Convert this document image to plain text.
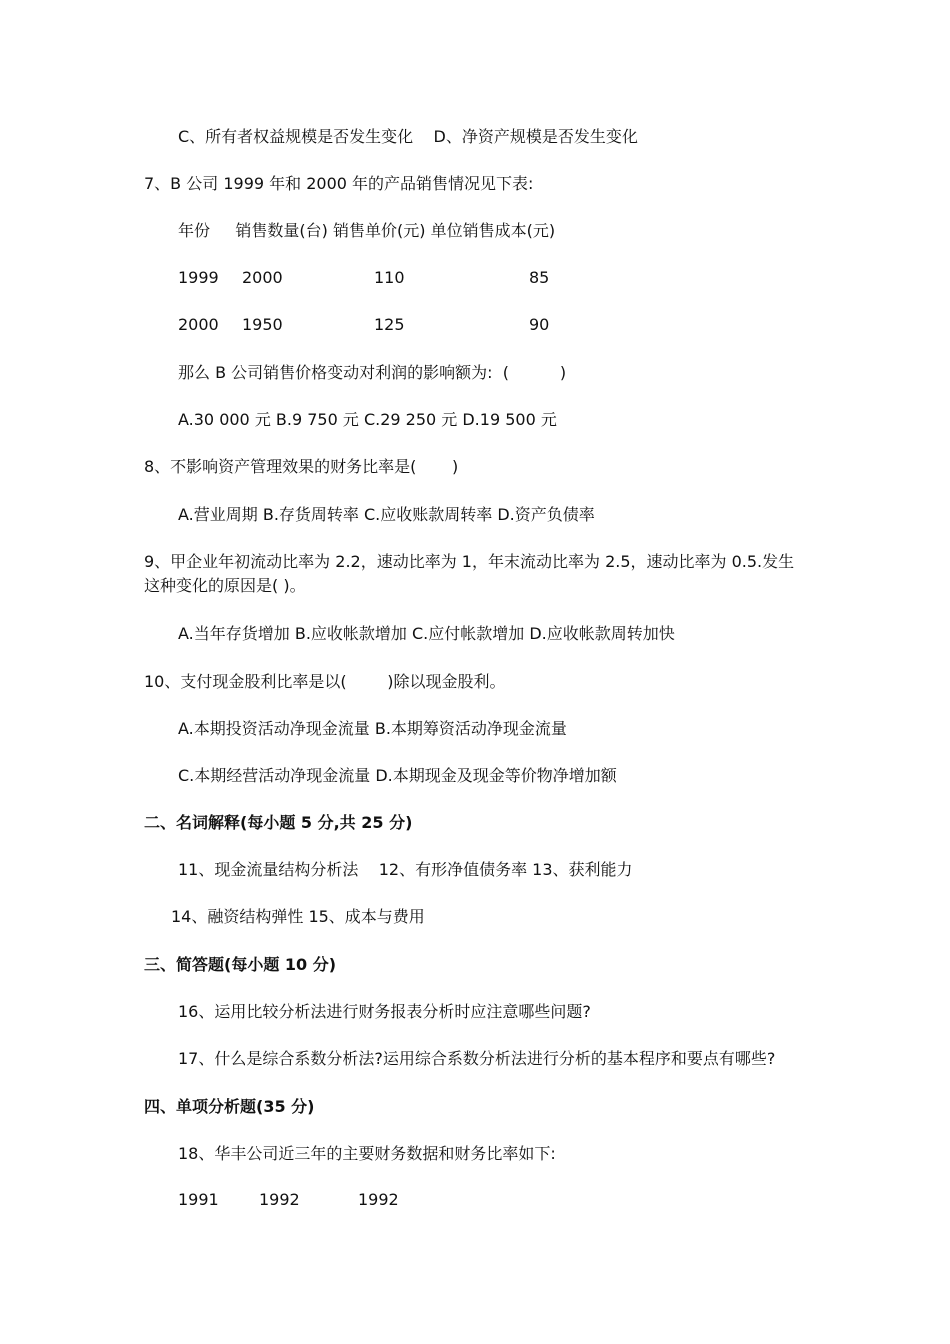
C、所有者权益规模是否发生变化    D、净资产规模是否发生变化
7、B 公司 1999 年和 2000 年的产品销售情况见下表:
年份     销售数量(台) 销售单价(元) 单位销售成本(元)
1999 2000	110	85
2000 1950	125	90
那么 B 公司销售价格变动对利润的影响额为:  (          )
A.30 000 元 B.9 750 元 C.29 250 元 D.19 500 元
8、不影响资产管理效果的财务比率是(       )
A.营业周期 B.存货周转率 C.应收账款周转率 D.资产负债率
9、甲企业年初流动比率为 2.2，速动比率为 1，年末流动比率为 2.5，速动比率为 0.5.发生这种变化的原因是( )。
A.当年存货增加 B.应收帐款增加 C.应付帐款增加 D.应收帐款周转加快
10、支付现金股利比率是以(        )除以现金股利。
A.本期投资活动净现金流量 B.本期筹资活动净现金流量
C.本期经营活动净现金流量 D.本期现金及现金等价物净增加额
二、名词解释(每小题 5 分,共 25 分)
11、现金流量结构分析法    12、有形净值债务率 13、获利能力
14、融资结构弹性 15、成本与费用
三、简答题(每小题 10 分)
16、运用比较分析法进行财务报表分析时应注意哪些问题?
17、什么是综合系数分析法?运用综合系数分析法进行分析的基本程序和要点有哪些?
四、单项分析题(35 分)
18、华丰公司近三年的主要财务数据和财务比率如下:
1991	1992	1992
